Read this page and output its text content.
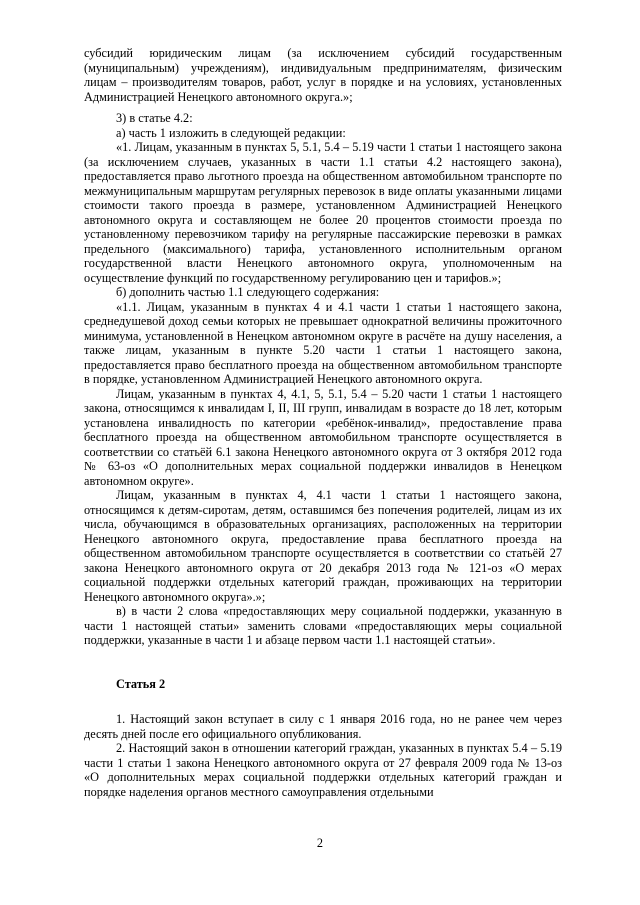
субсидий юридическим лицам (за исключением субсидий государственным (муниципальным) учреждениям), индивидуальным предпринимателям, физическим лицам – производителям товаров, работ, услуг в порядке и на условиях, установленных Администрацией Ненецкого автономного округа.»;

3) в статье 4.2:

а) часть 1 изложить в следующей редакции:

«1. Лицам, указанным в пунктах 5, 5.1, 5.4 – 5.19 части 1 статьи 1 настоящего закона (за исключением случаев, указанных в части 1.1 статьи 4.2 настоящего закона), предоставляется право льготного проезда на общественном автомобильном транспорте по межмуниципальным маршрутам регулярных перевозок в виде оплаты указанными лицами стоимости такого проезда в размере, установленном Администрацией Ненецкого автономного округа и составляющем не более 20 процентов стоимости проезда по установленному перевозчиком тарифу на регулярные пассажирские перевозки в рамках предельного (максимального) тарифа, установленного исполнительным органом государственной власти Ненецкого автономного округа, уполномоченным на осуществление функций по государственному регулированию цен и тарифов.»;

б) дополнить частью 1.1 следующего содержания:

«1.1. Лицам, указанным в пунктах 4 и 4.1 части 1 статьи 1 настоящего закона, среднедушевой доход семьи которых не превышает однократной величины прожиточного минимума, установленной в Ненецком автономном округе в расчёте на душу населения, а также лицам, указанным в пункте 5.20 части 1 статьи 1 настоящего закона, предоставляется право бесплатного проезда на общественном автомобильном транспорте в порядке, установленном Администрацией Ненецкого автономного округа.

Лицам, указанным в пунктах 4, 4.1, 5, 5.1, 5.4 – 5.20 части 1 статьи 1 настоящего закона, относящимся к инвалидам I, II, III групп, инвалидам в возрасте до 18 лет, которым установлена инвалидность по категории «ребёнок-инвалид», предоставление права бесплатного проезда на общественном автомобильном транспорте осуществляется в соответствии со статьёй 6.1 закона Ненецкого автономного округа от 3 октября 2012 года № 63-оз «О дополнительных мерах социальной поддержки инвалидов в Ненецком автономном округе».

Лицам, указанным в пунктах 4, 4.1 части 1 статьи 1 настоящего закона, относящимся к детям-сиротам, детям, оставшимся без попечения родителей, лицам из их числа, обучающимся в образовательных организациях, расположенных на территории Ненецкого автономного округа, предоставление права бесплатного проезда на общественном автомобильном транспорте осуществляется в соответствии со статьёй 27 закона Ненецкого автономного округа от 20 декабря 2013 года № 121-оз «О мерах социальной поддержки отдельных категорий граждан, проживающих на территории Ненецкого автономного округа».»;

в) в части 2 слова «предоставляющих меру социальной поддержки, указанную в части 1 настоящей статьи» заменить словами «предоставляющих меры социальной поддержки, указанные в части 1 и абзаце первом части 1.1 настоящей статьи».

Статья 2

1. Настоящий закон вступает в силу с 1 января 2016 года, но не ранее чем через десять дней после его официального опубликования.

2. Настоящий закон в отношении категорий граждан, указанных в пунктах 5.4 – 5.19 части 1 статьи 1 закона Ненецкого автономного округа от 27 февраля 2009 года № 13-оз «О дополнительных мерах социальной поддержки отдельных категорий граждан и порядке наделения органов местного самоуправления отдельными

2
